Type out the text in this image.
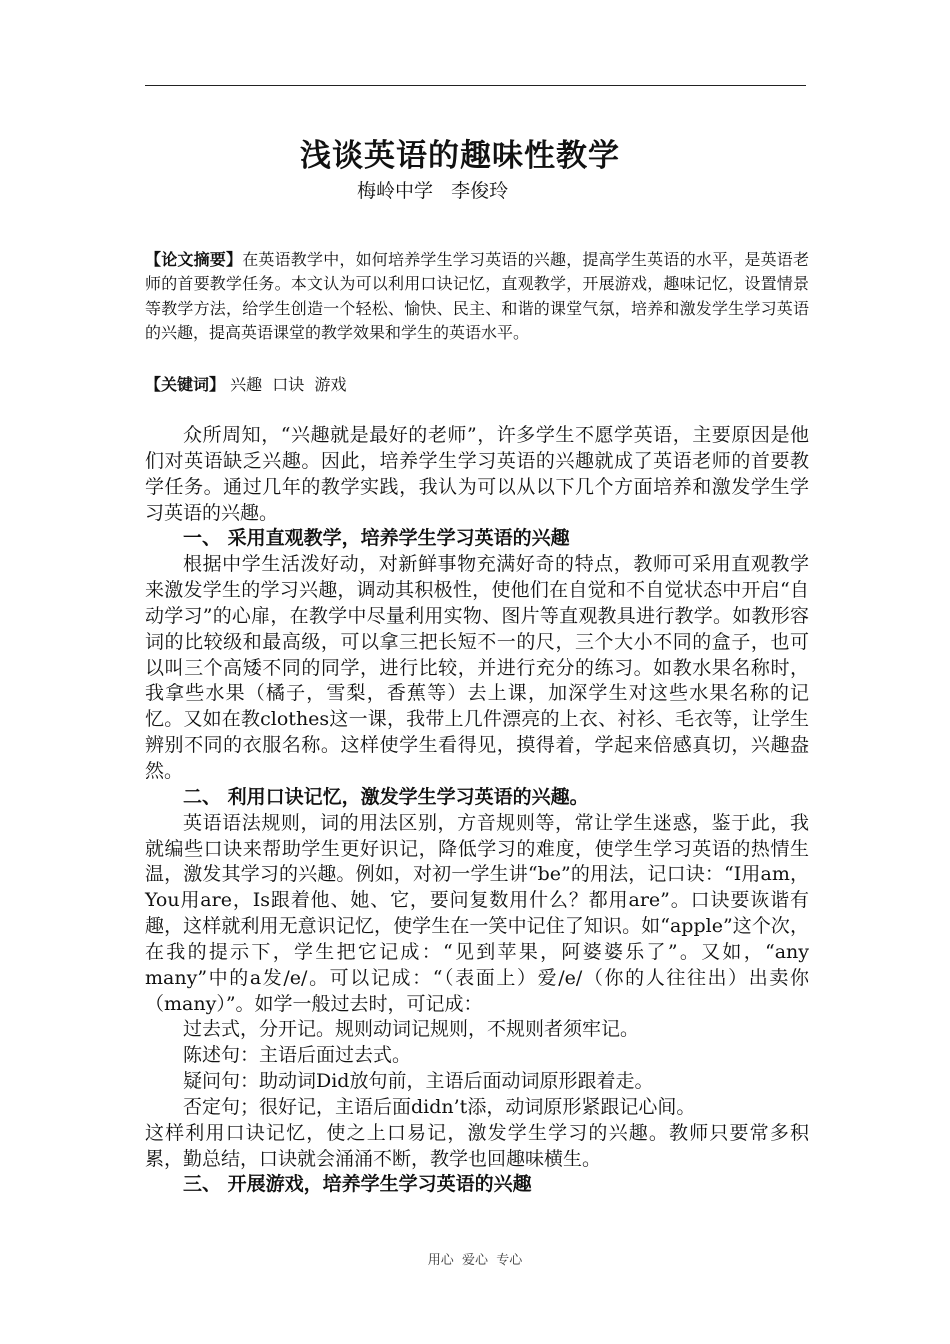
浅谈英语的趣味性教学
梅岭中学   李俊玲
【论文摘要】在英语教学中，如何培养学生学习英语的兴趣，提高学生英语的水平，是英语老师的首要教学任务。本文认为可以利用口诀记忆，直观教学，开展游戏，趣味记忆，设置情景等教学方法，给学生创造一个轻松、愉快、民主、和谐的课堂气氛，培养和激发学生学习英语的兴趣，提高英语课堂的教学效果和学生的英语水平。
【关键词】 兴趣  口诀  游戏

众所周知，“兴趣就是最好的老师”，许多学生不愿学英语，主要原因是他们对英语缺乏兴趣。因此，培养学生学习英语的兴趣就成了英语老师的首要教学任务。通过几年的教学实践，我认为可以从以下几个方面培养和激发学生学习英语的兴趣。

一、 采用直观教学，培养学生学习英语的兴趣

根据中学生活泼好动，对新鲜事物充满好奇的特点，教师可采用直观教学来激发学生的学习兴趣，调动其积极性，使他们在自觉和不自觉状态中开启“自动学习”的心扉，在教学中尽量利用实物、图片等直观教具进行教学。如教形容词的比较级和最高级，可以拿三把长短不一的尺，三个大小不同的盒子，也可以叫三个高矮不同的同学，进行比较，并进行充分的练习。如教水果名称时，我拿些水果（橘子，雪梨，香蕉等）去上课，加深学生对这些水果名称的记忆。又如在教clothes这一课，我带上几件漂亮的上衣、衬衫、毛衣等，让学生辨别不同的衣服名称。这样使学生看得见，摸得着，学起来倍感真切，兴趣盎然。

二、 利用口诀记忆，激发学生学习英语的兴趣。

英语语法规则，词的用法区别，方音规则等，常让学生迷惑，鉴于此，我就编些口诀来帮助学生更好识记，降低学习的难度，使学生学习英语的热情生温，激发其学习的兴趣。例如，对初一学生讲“be”的用法，记口诀：“I用am，You用are，Is跟着他、她、它，要问复数用什么？都用are”。口诀要诙谐有趣，这样就利用无意识记忆，使学生在一笑中记住了知识。如“apple”这个次，在我的提示下，学生把它记成：“见到苹果，阿婆婆乐了”。又如，“any many”中的a发/e/。可以记成：“（表面上）爱/e/（你的人往往出）出卖你（many）”。如学一般过去时，可记成：

过去式，分开记。规则动词记规则，不规则者须牢记。

陈述句：主语后面过去式。

疑问句：助动词Did放句前，主语后面动词原形跟着走。

否定句；很好记，主语后面didn’t添，动词原形紧跟记心间。

这样利用口诀记忆，使之上口易记，激发学生学习的兴趣。教师只要常多积累，勤总结，口诀就会涌涌不断，教学也回趣味横生。

三、 开展游戏，培养学生学习英语的兴趣

用心  爱心  专心
